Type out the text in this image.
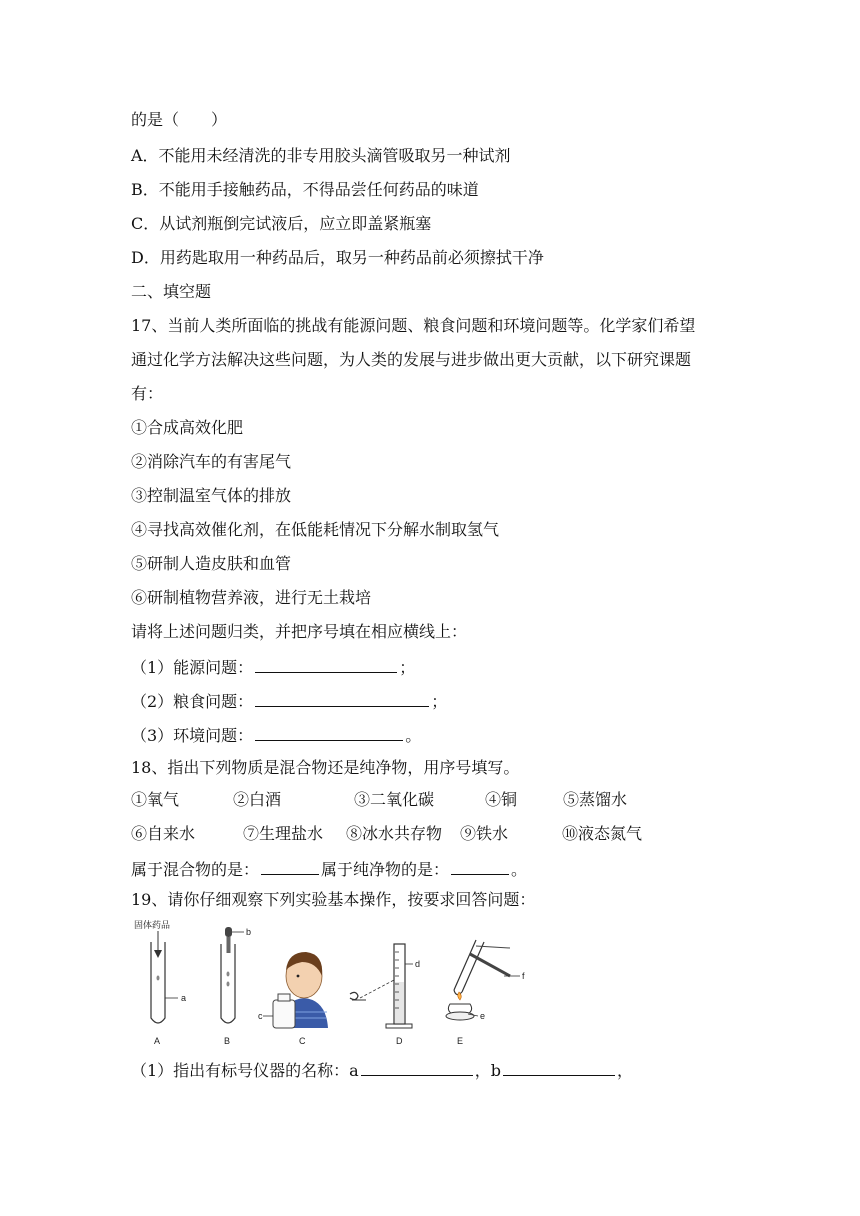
的是（　　）
A．不能用未经清洗的非专用胶头滴管吸取另一种试剂
B．不能用手接触药品，不得品尝任何药品的味道
C．从试剂瓶倒完试液后，应立即盖紧瓶塞
D．用药匙取用一种药品后，取另一种药品前必须擦拭干净
二、填空题
17、当前人类所面临的挑战有能源问题、粮食问题和环境问题等。化学家们希望
通过化学方法解决这些问题，为人类的发展与进步做出更大贡献，以下研究课题
有：
①合成高效化肥
②消除汽车的有害尾气
③控制温室气体的排放
④寻找高效催化剂，在低能耗情况下分解水制取氢气
⑤研制人造皮肤和血管
⑥研制植物营养液，进行无土栽培
请将上述问题归类，并把序号填在相应横线上：
（1）能源问题：	；
（2）粮食问题：	；
（3）环境问题：	。
18、指出下列物质是混合物还是纯净物，用序号填写。
①氧气	②白酒	③二氧化碳	④铜	⑤蒸馏水
⑥自来水	⑦生理盐水 ⑧冰水共存物 ⑨铁水	⑩液态氮气
属于混合物的是：	属于纯净物的是：	。
19、请你仔细观察下列实验基本操作，按要求回答问题：
固体药品
a
A
b
B
c
C
d
D
f
e
E
（1）指出有标号仪器的名称：a	，b	，
